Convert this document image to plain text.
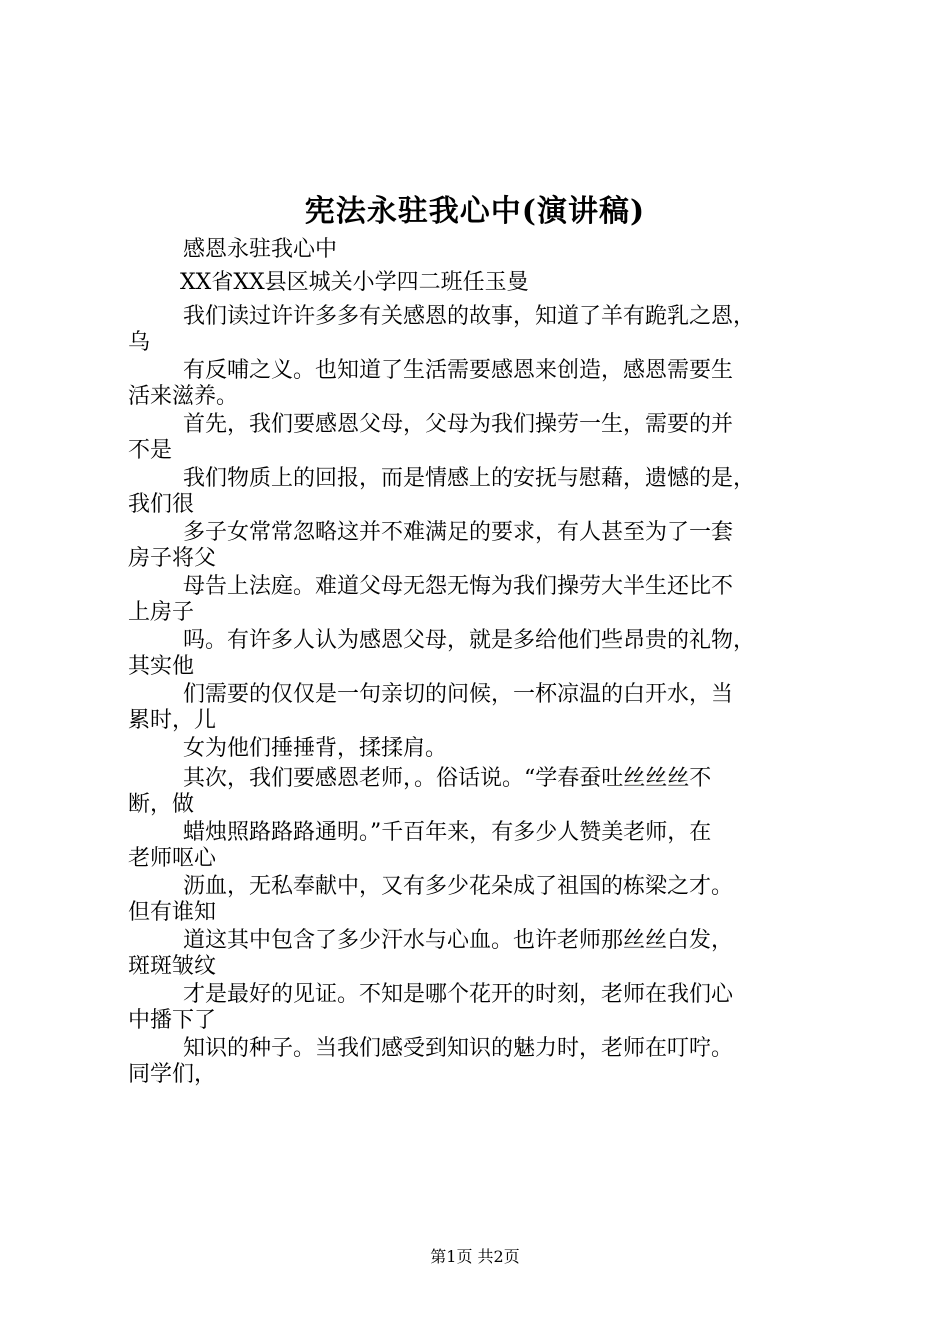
宪法永驻我心中(演讲稿)
感恩永驻我心中
XX省XX县区城关小学四二班任玉曼
我们读过许许多多有关感恩的故事，知道了羊有跪乳之恩，
乌
有反哺之义。也知道了生活需要感恩来创造，感恩需要生
活来滋养。
首先，我们要感恩父母，父母为我们操劳一生，需要的并
不是
我们物质上的回报，而是情感上的安抚与慰藉，遗憾的是，
我们很
多子女常常忽略这并不难满足的要求，有人甚至为了一套
房子将父
母告上法庭。难道父母无怨无悔为我们操劳大半生还比不
上房子
吗。有许多人认为感恩父母，就是多给他们些昂贵的礼物，
其实他
们需要的仅仅是一句亲切的问候，一杯凉温的白开水，当
累时，儿
女为他们捶捶背，揉揉肩。
其次，我们要感恩老师，。俗话说。“学春蚕吐丝丝丝不
断，做
蜡烛照路路路通明。”千百年来，有多少人赞美老师，在
老师呕心
沥血，无私奉献中，又有多少花朵成了祖国的栋梁之才。
但有谁知
道这其中包含了多少汗水与心血。也许老师那丝丝白发，
斑斑皱纹
才是最好的见证。不知是哪个花开的时刻，老师在我们心
中播下了
知识的种子。当我们感受到知识的魅力时，老师在叮咛。
同学们，
第1页 共2页
